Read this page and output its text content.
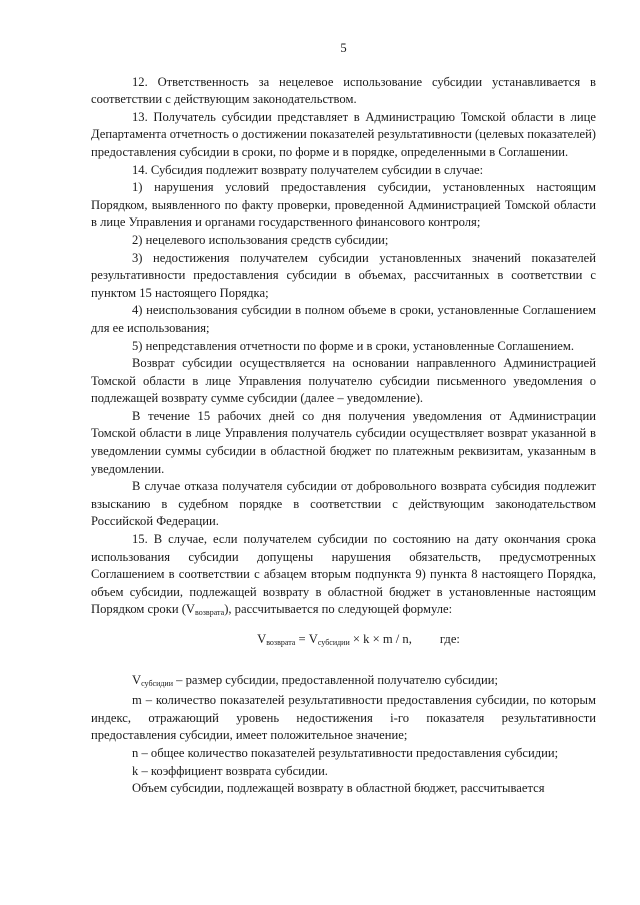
5

12. Ответственность за нецелевое использование субсидии устанавливается в соответствии с действующим законодательством.

13. Получатель субсидии представляет в Администрацию Томской области в лице Департамента отчетность о достижении показателей результативности (целевых показателей) предоставления субсидии в сроки, по форме и в порядке, определенными в Соглашении.

14. Субсидия подлежит возврату получателем субсидии в случае:

1) нарушения условий предоставления субсидии, установленных настоящим Порядком, выявленного по факту проверки, проведенной Администрацией Томской области в лице Управления и органами государственного финансового контроля;

2) нецелевого использования средств субсидии;

3) недостижения получателем субсидии установленных значений показателей результативности предоставления субсидии в объемах, рассчитанных в соответствии с пунктом 15 настоящего Порядка;

4) неиспользования субсидии в полном объеме в сроки, установленные Соглашением для ее использования;

5) непредставления отчетности по форме и в сроки, установленные Соглашением.

Возврат субсидии осуществляется на основании направленного Администрацией Томской области в лице Управления получателю субсидии письменного уведомления о подлежащей возврату сумме субсидии (далее – уведомление).

В течение 15 рабочих дней со дня получения уведомления от Администрации Томской области в лице Управления получатель субсидии осуществляет возврат указанной в уведомлении суммы субсидии в областной бюджет по платежным реквизитам, указанным в уведомлении.

В случае отказа получателя субсидии от добровольного возврата субсидия подлежит взысканию в судебном порядке в соответствии с действующим законодательством Российской Федерации.

15. В случае, если получателем субсидии по состоянию на дату окончания срока использования субсидии допущены нарушения обязательств, предусмотренных Соглашением в соответствии с абзацем вторым подпункта 9) пункта 8 настоящего Порядка, объем субсидии, подлежащей возврату в областной бюджет в установленные настоящим Порядком сроки $(V_{возврата})$, рассчитывается по следующей формуле:

$V_{возврата} = V_{субсидии} \times k \times m / n$, где:

$V_{субсидии}$ – размер субсидии, предоставленной получателю субсидии;

m – количество показателей результативности предоставления субсидии, по которым индекс, отражающий уровень недостижения i-го показателя результативности предоставления субсидии, имеет положительное значение;

n – общее количество показателей результативности предоставления субсидии;

k – коэффициент возврата субсидии.

Объем субсидии, подлежащей возврату в областной бюджет, рассчитывается
